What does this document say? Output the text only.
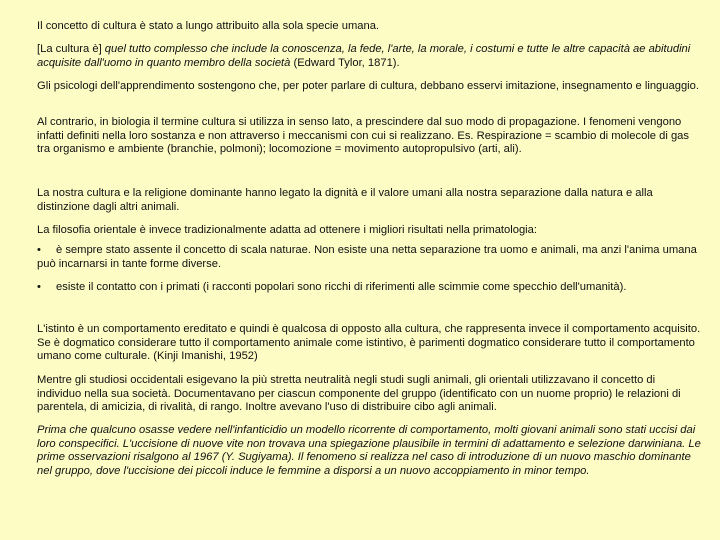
Il concetto di cultura è stato a lungo attribuito alla sola specie umana.

[La cultura è] quel tutto complesso che include la conoscenza, la fede, l'arte, la morale, i costumi e tutte le altre capacità ae abitudini acquisite dall'uomo in quanto membro della società (Edward Tylor, 1871).

Gli psicologi dell'apprendimento sostengono che, per poter parlare di cultura, debbano esservi imitazione, insegnamento e linguaggio.

Al contrario, in biologia il termine cultura si utilizza in senso lato, a prescindere dal suo modo di propagazione. I fenomeni vengono infatti definiti nella loro sostanza e non attraverso i meccanismi con cui si realizzano. Es. Respirazione = scambio di molecole di gas tra organismo e ambiente (branchie, polmoni); locomozione = movimento autopropulsivo (arti, ali).

La nostra cultura e la religione dominante hanno legato la dignità e il valore umani alla nostra separazione dalla natura e alla distinzione dagli altri animali.

La filosofia orientale è invece tradizionalmente adatta ad ottenere i migliori risultati nella primatologia:

• è sempre stato assente il concetto di scala naturae. Non esiste una netta separazione tra uomo e animali, ma anzi l'anima umana può incarnarsi in tante forme diverse.

• esiste il contatto con i primati (i racconti popolari sono ricchi di riferimenti alle scimmie come specchio dell'umanità).

L'istinto è un comportamento ereditato e quindi è qualcosa di opposto alla cultura, che rappresenta invece il comportamento acquisito. Se è dogmatico considerare tutto il comportamento animale come istintivo, è parimenti dogmatico considerare tutto il comportamento umano come culturale. (Kinji Imanishi, 1952)

Mentre gli studiosi occidentali esigevano la più stretta neutralità negli studi sugli animali, gli orientali utilizzavano il concetto di individuo nella sua società. Documentavano per ciascun componente del gruppo (identificato con un nuome proprio) le relazioni di parentela, di amicizia, di rivalità, di rango. Inoltre avevano l'uso di distribuire cibo agli animali.

Prima che qualcuno osasse vedere nell'infanticidio un modello ricorrente di comportamento, molti giovani animali sono stati uccisi dai loro conspecifici. L'uccisione di nuove vite non trovava una spiegazione plausibile in termini di adattamento e selezione darwiniana. Le prime osservazioni risalgono al 1967 (Y. Sugiyama). Il fenomeno si realizza nel caso di introduzione di un nuovo maschio dominante nel gruppo, dove l'uccisione dei piccoli induce le femmine a disporsi a un nuovo accoppiamento in minor tempo.
